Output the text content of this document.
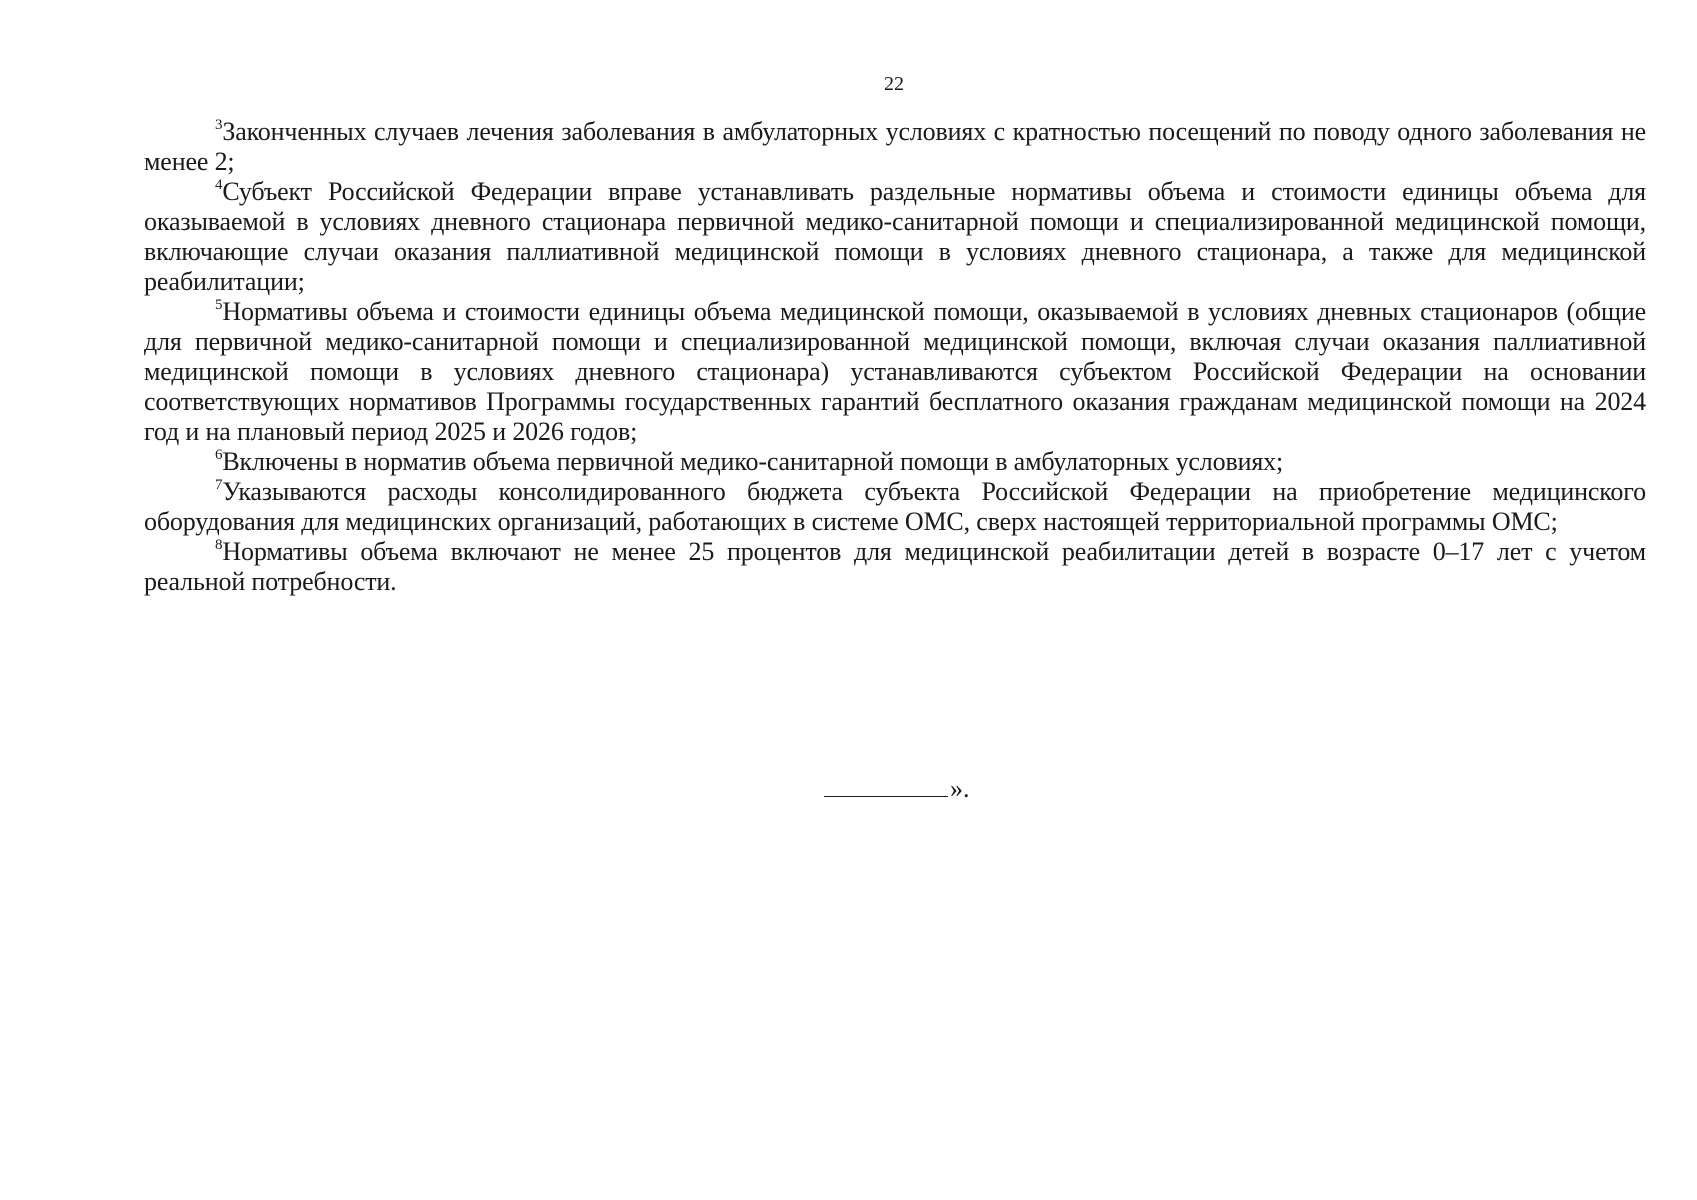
22

$^3$Законченных случаев лечения заболевания в амбулаторных условиях с кратностью посещений по поводу одного заболевания не менее 2;

$^4$Субъект Российской Федерации вправе устанавливать раздельные нормативы объема и стоимости единицы объема для оказываемой в условиях дневного стационара первичной медико-санитарной помощи и специализированной медицинской помощи, включающие случаи оказания паллиативной медицинской помощи в условиях дневного стационара, а также для медицинской реабилитации;

$^5$Нормативы объема и стоимости единицы объема медицинской помощи, оказываемой в условиях дневных стационаров (общие для первичной медико-санитарной помощи и специализированной медицинской помощи, включая случаи оказания паллиативной медицинской помощи в условиях дневного стационара) устанавливаются субъектом Российской Федерации на основании соответствующих нормативов Программы государственных гарантий бесплатного оказания гражданам медицинской помощи на 2024 год и на плановый период 2025 и 2026 годов;

$^6$Включены в норматив объема первичной медико-санитарной помощи в амбулаторных условиях;

$^7$Указываются расходы консолидированного бюджета субъекта Российской Федерации на приобретение медицинского оборудования для медицинских организаций, работающих в системе ОМС, сверх настоящей территориальной программы ОМС;

$^8$Нормативы объема включают не менее 25 процентов для медицинской реабилитации детей в возрасте 0–17 лет с учетом реальной потребности.

».
